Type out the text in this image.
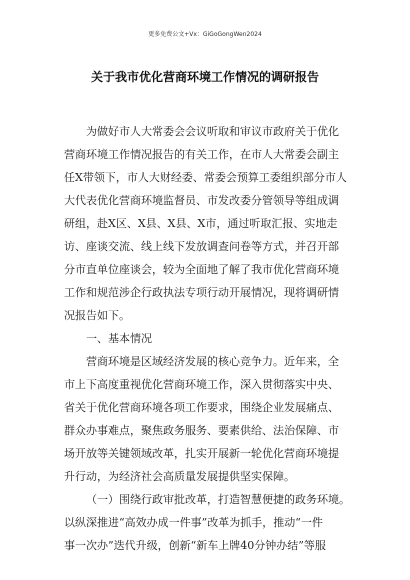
更多免费公文+Vx：GiGoGongWen2024
关于我市优化营商环境工作情况的调研报告
为做好市人大常委会会议听取和审议市政府关于优化
营商环境工作情况报告的有关工作，在市人大常委会副主
任X带领下，市人大财经委、常委会预算工委组织部分市人
大代表优化营商环境监督员、市发改委分管领导等组成调
研组，赴X区、X县、X县、X市，通过听取汇报、实地走
访、座谈交流、线上线下发放调查问卷等方式，并召开部
分市直单位座谈会，较为全面地了解了我市优化营商环境
工作和规范涉企行政执法专项行动开展情况，现将调研情
况报告如下。
一、基本情况
营商环境是区域经济发展的核心竞争力。近年来，全
市上下高度重视优化营商环境工作，深入贯彻落实中央、
省关于优化营商环境各项工作要求，围绕企业发展痛点、
群众办事难点，聚焦政务服务、要素供给、法治保障、市
场开放等关键领域改革，扎实开展新一轮优化营商环境提
升行动，为经济社会高质量发展提供坚实保障。
（一）围绕行政审批改革，打造智慧便捷的政务环境。
以纵深推进“高效办成一件事”改革为抓手，推动“一件
事一次办”迭代升级，创新“新车上牌40分钟办结”等服
